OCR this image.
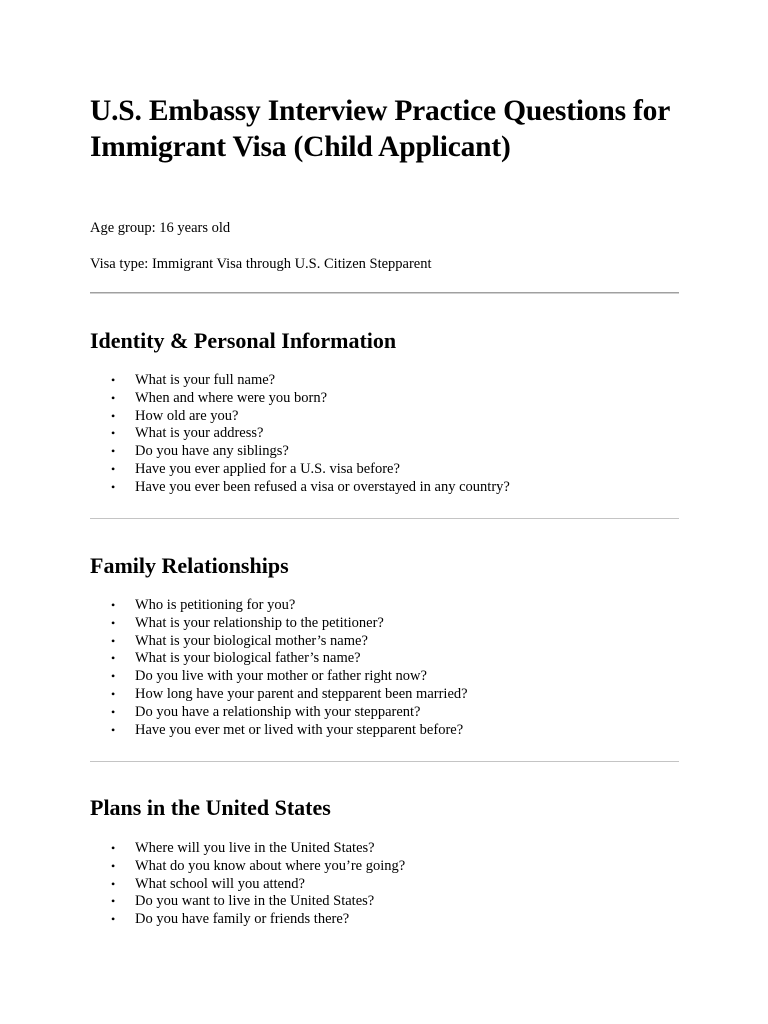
U.S. Embassy Interview Practice Questions for Immigrant Visa (Child Applicant)

Age group: 16 years old

Visa type: Immigrant Visa through U.S. Citizen Stepparent

Identity & Personal Information
• What is your full name?
• When and where were you born?
• How old are you?
• What is your address?
• Do you have any siblings?
• Have you ever applied for a U.S. visa before?
• Have you ever been refused a visa or overstayed in any country?
Family Relationships
• Who is petitioning for you?
• What is your relationship to the petitioner?
• What is your biological mother’s name?
• What is your biological father’s name?
• Do you live with your mother or father right now?
• How long have your parent and stepparent been married?
• Do you have a relationship with your stepparent?
• Have you ever met or lived with your stepparent before?
Plans in the United States
• Where will you live in the United States?
• What do you know about where you’re going?
• What school will you attend?
• Do you want to live in the United States?
• Do you have family or friends there?
